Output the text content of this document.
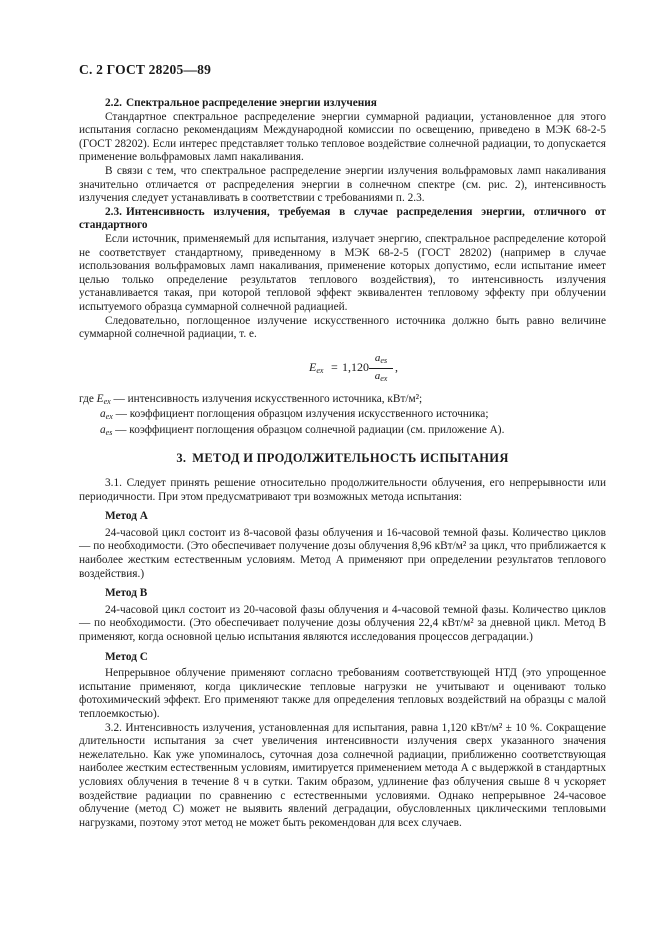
С. 2 ГОСТ 28205—89
2.2. Спектральное распределение энергии излучения

Стандартное спектральное распределение энергии суммарной радиации, установленное для этого испытания согласно рекомендациям Международной комиссии по освещению, приведено в МЭК 68-2-5 (ГОСТ 28202). Если интерес представляет только тепловое воздействие солнечной радиации, то допускается применение вольфрамовых ламп накаливания.

В связи с тем, что спектральное распределение энергии излучения вольфрамовых ламп накаливания значительно отличается от распределения энергии в солнечном спектре (см. рис. 2), интенсивность излучения следует устанавливать в соответствии с требованиями п. 2.3.

2.3. Интенсивность излучения, требуемая в случае распределения энергии, отличного от стандартного

Если источник, применяемый для испытания, излучает энергию, спектральное распределение которой не соответствует стандартному, приведенному в МЭК 68-2-5 (ГОСТ 28202) (например в случае использования вольфрамовых ламп накаливания, применение которых допустимо, если испытание имеет целью только определение результатов теплового воздействия), то интенсивность излучения устанавливается такая, при которой тепловой эффект эквивалентен тепловому эффекту при облучении испытуемого образца суммарной солнечной радиацией.

Следовательно, поглощенное излучение искусственного источника должно быть равно величине суммарной солнечной радиации, т. е.

$E_{ex} = 1,120$
$a_{es}$
$a_{ex}$
,
где $E_{ex}$ — интенсивность излучения искусственного источника, кВт/м²;
$a_{ex}$ — коэффициент поглощения образцом излучения искусственного источника;
$a_{es}$ — коэффициент поглощения образцом солнечной радиации (см. приложение А).
3. МЕТОД И ПРОДОЛЖИТЕЛЬНОСТЬ ИСПЫТАНИЯ

3.1. Следует принять решение относительно продолжительности облучения, его непрерывности или периодичности. При этом предусматривают три возможных метода испытания:

Метод А

24-часовой цикл состоит из 8-часовой фазы облучения и 16-часовой темной фазы. Количество циклов — по необходимости. (Это обеспечивает получение дозы облучения 8,96 кВт/м² за цикл, что приближается к наиболее жестким естественным условиям. Метод А применяют при определении результатов теплового воздействия.)

Метод В

24-часовой цикл состоит из 20-часовой фазы облучения и 4-часовой темной фазы. Количество циклов — по необходимости. (Это обеспечивает получение дозы облучения 22,4 кВт/м² за дневной цикл. Метод В применяют, когда основной целью испытания являются исследования процессов деградации.)

Метод С

Непрерывное облучение применяют согласно требованиям соответствующей НТД (это упрощенное испытание применяют, когда циклические тепловые нагрузки не учитывают и оценивают только фотохимический эффект. Его применяют также для определения тепловых воздействий на образцы с малой теплоемкостью).

3.2. Интенсивность излучения, установленная для испытания, равна 1,120 кВт/м² ± 10 %. Сокращение длительности испытания за счет увеличения интенсивности излучения сверх указанного значения нежелательно. Как уже упоминалось, суточная доза солнечной радиации, приближенно соответствующая наиболее жестким естественным условиям, имитируется применением метода А с выдержкой в стандартных условиях облучения в течение 8 ч в сутки. Таким образом, удлинение фаз облучения свыше 8 ч ускоряет воздействие радиации по сравнению с естественными условиями. Однако непрерывное 24-часовое облучение (метод С) может не выявить явлений деградации, обусловленных циклическими тепловыми нагрузками, поэтому этот метод не может быть рекомендован для всех случаев.
